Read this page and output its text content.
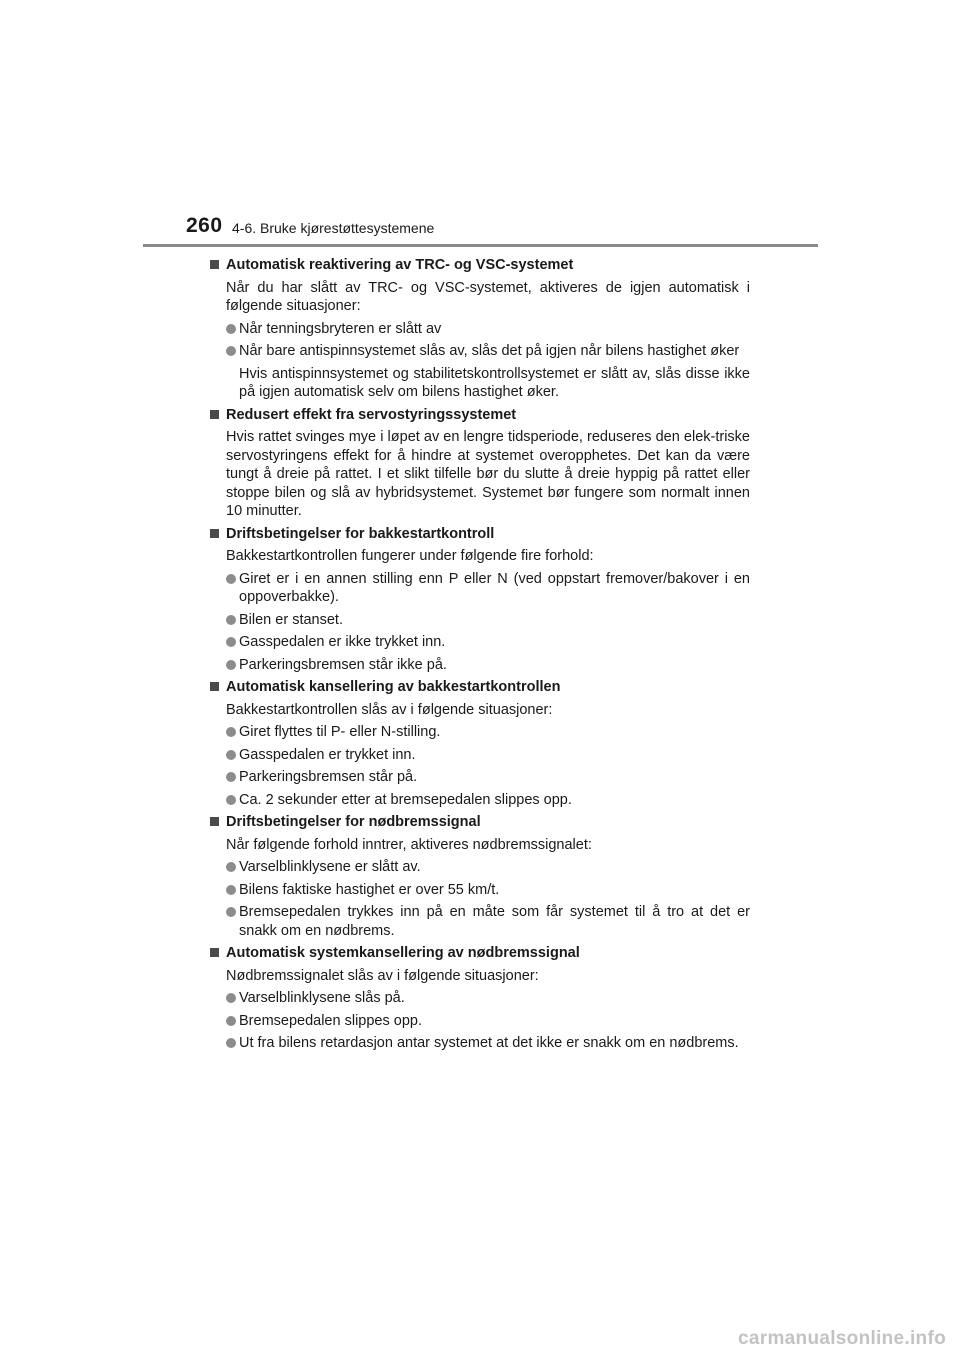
260 4-6. Bruke kjørestøttesystemene
Automatisk reaktivering av TRC- og VSC-systemet
Når du har slått av TRC- og VSC-systemet, aktiveres de igjen automatisk i følgende situasjoner:
Når tenningsbryteren er slått av
Når bare antispinnsystemet slås av, slås det på igjen når bilens hastighet øker
Hvis antispinnsystemet og stabilitetskontrollsystemet er slått av, slås disse ikke på igjen automatisk selv om bilens hastighet øker.
Redusert effekt fra servostyringssystemet
Hvis rattet svinges mye i løpet av en lengre tidsperiode, reduseres den elek-triske servostyringens effekt for å hindre at systemet overopphetes. Det kan da være tungt å dreie på rattet. I et slikt tilfelle bør du slutte å dreie hyppig på rattet eller stoppe bilen og slå av hybridsystemet. Systemet bør fungere som normalt innen 10 minutter.
Driftsbetingelser for bakkestartkontroll
Bakkestartkontrollen fungerer under følgende fire forhold:
Giret er i en annen stilling enn P eller N (ved oppstart fremover/bakover i en oppoverbakke).
Bilen er stanset.
Gasspedalen er ikke trykket inn.
Parkeringsbremsen står ikke på.
Automatisk kansellering av bakkestartkontrollen
Bakkestartkontrollen slås av i følgende situasjoner:
Giret flyttes til P- eller N-stilling.
Gasspedalen er trykket inn.
Parkeringsbremsen står på.
Ca. 2 sekunder etter at bremsepedalen slippes opp.
Driftsbetingelser for nødbremssignal
Når følgende forhold inntrer, aktiveres nødbremssignalet:
Varselblinklysene er slått av.
Bilens faktiske hastighet er over 55 km/t.
Bremsepedalen trykkes inn på en måte som får systemet til å tro at det er snakk om en nødbrems.
Automatisk systemkansellering av nødbremssignal
Nødbremssignalet slås av i følgende situasjoner:
Varselblinklysene slås på.
Bremsepedalen slippes opp.
Ut fra bilens retardasjon antar systemet at det ikke er snakk om en nødbrems.
carmanualsonline.info
